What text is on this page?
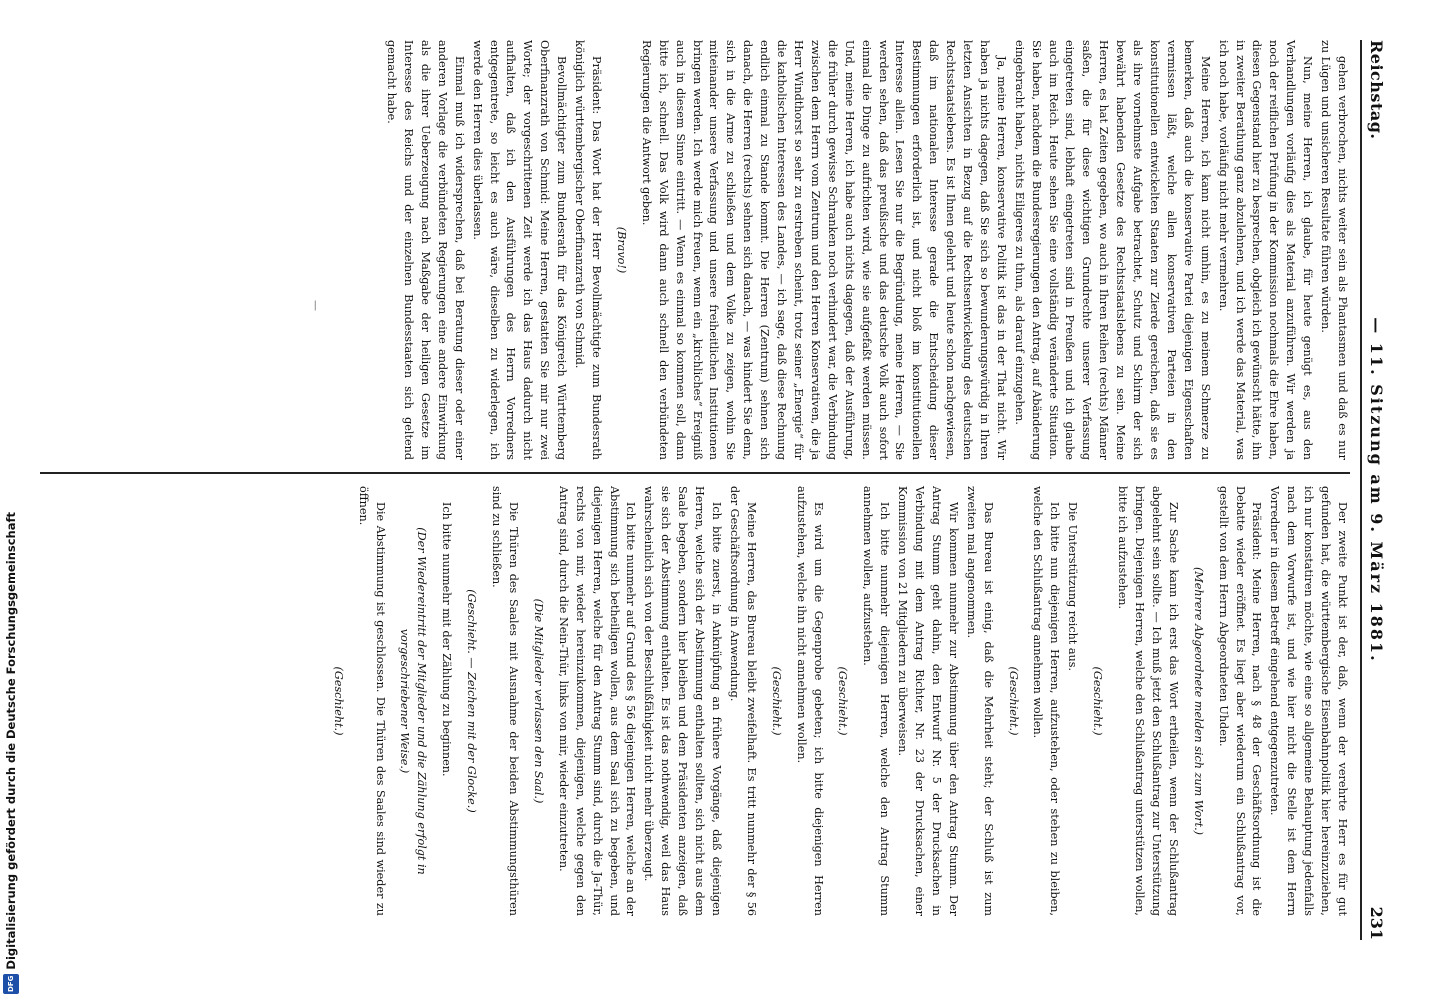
Digitalisierung gefördert durch die Deutsche Forschungsgemeinschaft
DFG
Reichstag.
— 11. Sitzung am 9. März 1881.
231

gehen verbrochen, nichts weiter sein als Phantasmen und daß es nur zu Lügen und unsicheren Resultate führen würden.

Nun, meine Herren, ich glaube, für heute genügt es, aus den Verhandlungen vorläufig dies als Material anzuführen. Wir werden ja noch der reiflichen Prüfung in der Kommission nochmals die Ehre haben, diesen Gegenstand hier zu besprechen, obgleich ich gewünscht hätte, ihn in zweiter Berathung ganz abzulehnen, und ich werde das Material, was ich noch habe, vorläufig nicht mehr vermehren.

Meine Herren, ich kann nicht umhin, es zu meinem Schmerze zu bemerken, daß auch die konservative Partei diejenigen Eigenschaften vermissen läßt, welche allen konservativen Parteien in den konstitutionellen entwickelten Staaten zur Zierde gereichen, daß sie es als ihre vornehmste Aufgabe betrachtet, Schutz und Schirm der sich bewährt habenden Gesetze des Rechtsstaatslebens zu sein. Meine Herren, es hat Zeiten gegeben, wo auch in Ihren Reihen (rechts) Männer saßen, die für diese wichtigen Grundrechte unserer Verfassung eingetreten sind, lebhaft eingetreten sind in Preußen und ich glaube auch im Reich. Heute sehen Sie eine vollständig veränderte Situation. Sie haben, nachdem die Bundesregierungen den Antrag, auf Abänderung eingebracht haben, nichts Eiligeres zu thun, als darauf einzugehen.

Ja, meine Herren, konservative Politik ist das in der That nicht. Wir haben ja nichts dagegen, daß Sie sich so bewunderungswürdig in Ihren letzten Ansichten in Bezug auf die Rechtsentwickelung des deutschen Rechtsstaatslebens. Es ist Ihnen gelehrt und heute schon nachgewiesen, daß im nationalen Interesse gerade die Entscheidung dieser Bestimmungen erforderlich ist, und nicht bloß im konstitutionellen Interesse allein. Lesen Sie nur die Begründung, meine Herren, — Sie werden sehen, daß das preußische und das deutsche Volk auch sofort einmal die Dinge zu aufrichten wird, wie sie aufgefaßt werden müssen. Und, meine Herren, ich habe auch nichts dagegen, daß der Ausführung, die früher durch gewisse Schranken noch verhindert war, die Verbindung zwischen dem Herrn vom Zentrum und den Herren Konservativen, die ja Herr Windthorst so sehr zu erstreben scheint, trotz seiner „Energie“ für die katholischen Interessen des Landes, — ich sage, daß diese Rechnung endlich einmal zu Stande kommt. Die Herren (Zentrum) sehnen sich danach, die Herren (rechts) sehnen sich danach, — was hindert Sie denn, sich in die Arme zu schließen und dem Volke zu zeigen, wohin Sie miteinander unsere Verfassung und unsere freiheitlichen Institutionen bringen werden. Ich werde mich freuen, wenn ein „kirchliches“ Ereigniß auch in diesem Sinne eintritt. — Wenn es einmal so kommen soll, dann bitte ich, schnell. Das Volk wird dann auch schnell den verbündeten Regierungen die Antwort geben.

(Bravo!)

Präsident: Das Wort hat der Herr Bevollmächtigte zum Bundesrath königlich württembergischer Oberfinanzrath von Schmid.

Bevollmächtigter zum Bundesrath für das Königreich Württemberg Oberfinanzrath von Schmid: Meine Herren, gestatten Sie mir nur zwei Worte; der vorgeschrittenen Zeit werde ich das Haus dadurch nicht aufhalten, daß ich den Ausführungen des Herrn Vorredners entgegentrete, so leicht es auch wäre, dieselben zu widerlegen, ich werde den Herren dies überlassen.

Einmal muß ich widersprechen, daß bei Beratung dieser oder einer anderen Vorlage die verbündeten Regierungen eine andere Einwirkung als die ihrer Ueberzeugung nach Maßgabe der heiligen Gesetze im Interesse des Reichs und der einzelnen Bundesstaaten sich geltend gemacht habe.

Der zweite Punkt ist der, daß, wenn der verehrte Herr es für gut gefunden hat, die württembergische Eisenbahnpolitik hier hereinzuziehen, ich nur konstatiren möchte, wie eine so allgemeine Behauptung jedenfalls nach dem Vorwurfe ist, und wie hier nicht die Stelle ist dem Herrn Vorredner in diesem Betreff eingehend entgegenzutreten.

Präsident: Meine Herren, nach § 48 der Geschäftsordnung ist die Debatte wieder eröffnet. Es liegt aber wiederum ein Schlußantrag vor, gestellt von dem Herrn Abgeordneten Uhden.

(Mehrere Abgeordnete melden sich zum Wort.)

Zur Sache kann ich erst das Wort ertheilen, wenn der Schlußantrag abgelehnt sein sollte. — Ich muß jetzt den Schlußantrag zur Unterstützung bringen. Diejenigen Herren, welche den Schlußantrag unterstützen wollen, bitte ich aufzustehen.

(Geschieht.)

Die Unterstützung reicht aus.

Ich bitte nun diejenigen Herren, aufzustehen, oder stehen zu bleiben, welche den Schlußantrag annehmen wollen.

(Geschieht.)

Das Bureau ist einig, daß die Mehrheit steht; der Schluß ist zum zweiten mal angenommen.

Wir kommen nunmehr zur Abstimmung über den Antrag Stumm. Der Antrag Stumm geht dahin, den Entwurf Nr. 5 der Drucksachen in Verbindung mit dem Antrag Richter, Nr. 23 der Drucksachen, einer Kommission von 21 Mitgliedern zu überweisen.

Ich bitte nunmehr diejenigen Herren, welche den Antrag Stumm annehmen wollen, aufzustehen.

(Geschieht.)

Es wird um die Gegenprobe gebeten; ich bitte diejenigen Herren aufzustehen, welche ihn nicht annehmen wollen.

(Geschieht.)

Meine Herren, das Bureau bleibt zweifelhaft. Es tritt nunmehr der § 56 der Geschäftsordnung in Anwendung.

Ich bitte zuerst, in Anknüpfung an frühere Vorgänge, daß diejenigen Herren, welche sich der Abstimmung enthalten sollten, sich nicht aus dem Saale begeben, sondern hier bleiben und dem Präsidenten anzeigen, daß sie sich der Abstimmung enthalten. Es ist das nothwendig, weil das Haus wahrscheinlich sich von der Beschlußfähigkeit nicht mehr überzeugt.

Ich bitte nunmehr auf Grund des § 56 diejenigen Herren, welche an der Abstimmung sich betheiligen wollen, aus dem Saal sich zu begeben, und diejenigen Herren, welche für den Antrag Stumm sind, durch die Ja-Thür, rechts von mir, wieder hereinzukommen, diejenigen, welche gegen den Antrag sind, durch die Nein-Thür, links von mir, wieder einzutreten.

(Die Mitglieder verlassen den Saal.)

Die Thüren des Saales mit Ausnahme der beiden Abstimmungsthüren sind zu schließen.

(Geschieht. — Zeichen mit der Glocke.)

Ich bitte nunmehr mit der Zählung zu beginnen.

(Der Wiedereintritt der Mitglieder und die Zählung erfolgt in vorgeschriebener Weise.)

Die Abstimmung ist geschlossen. Die Thüren des Saales sind wieder zu öffnen.

(Geschieht.)

—
